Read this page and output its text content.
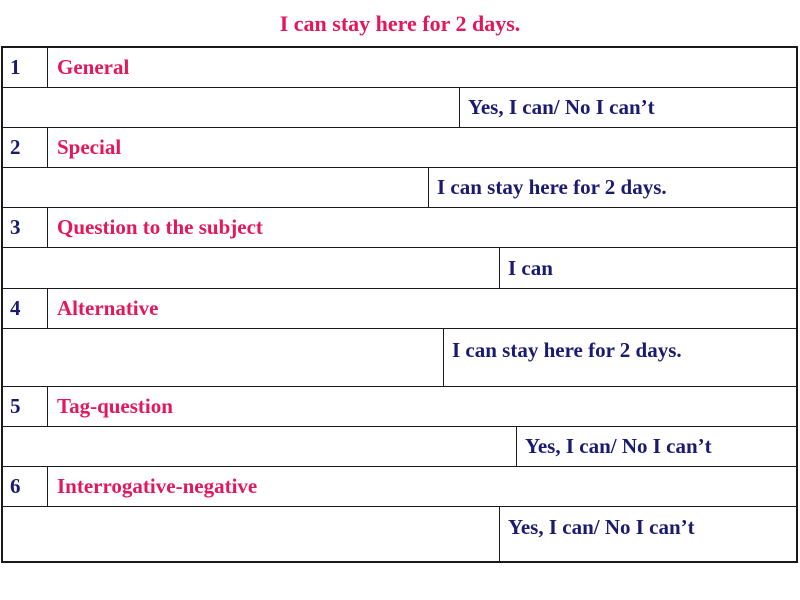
I can stay here for 2 days.
1	General
Yes, I can/ No I can’t
2	Special
I can stay here for 2 days.
3	Question to the subject
I can
4	Alternative
I can stay here for 2 days.
5	Tag-question
Yes, I can/ No I can’t
6	Interrogative-negative
Yes, I can/ No I can’t
